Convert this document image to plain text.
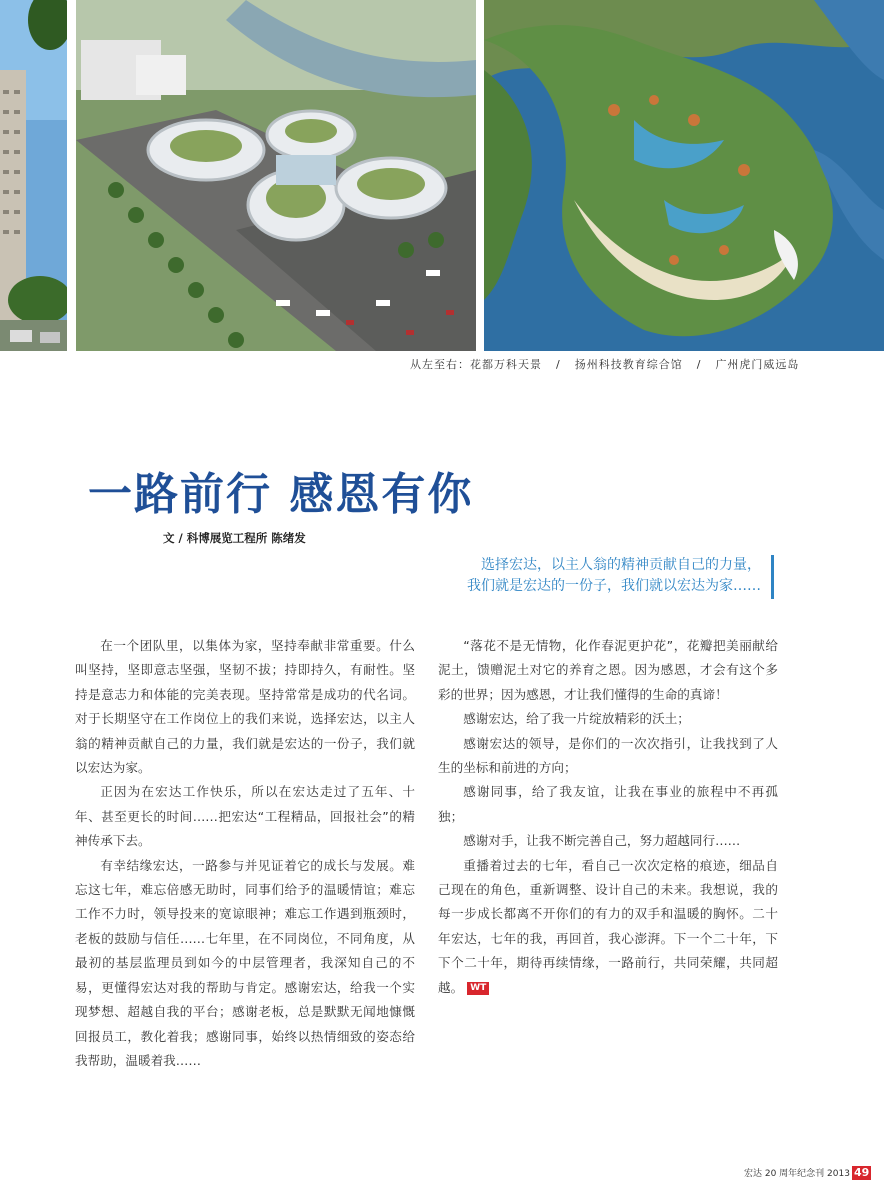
从左至右：花都万科天景 / 扬州科技教育综合馆 / 广州虎门威远岛
一路前行 感恩有你
文 / 科博展览工程所 陈绪发
选择宏达，以主人翁的精神贡献自己的力量，
我们就是宏达的一份子，我们就以宏达为家……

在一个团队里，以集体为家，坚持奉献非常重要。什么叫坚持，坚即意志坚强，坚韧不拔；持即持久，有耐性。坚持是意志力和体能的完美表现。坚持常常是成功的代名词。对于长期坚守在工作岗位上的我们来说，选择宏达，以主人翁的精神贡献自己的力量，我们就是宏达的一份子，我们就以宏达为家。

正因为在宏达工作快乐，所以在宏达走过了五年、十年、甚至更长的时间……把宏达“工程精品，回报社会”的精神传承下去。

有幸结缘宏达，一路参与并见证着它的成长与发展。难忘这七年，难忘倍感无助时，同事们给予的温暖情谊；难忘工作不力时，领导投来的宽谅眼神；难忘工作遇到瓶颈时，老板的鼓励与信任……七年里，在不同岗位，不同角度，从最初的基层监理员到如今的中层管理者，我深知自己的不易，更懂得宏达对我的帮助与肯定。感谢宏达，给我一个实现梦想、超越自我的平台；感谢老板，总是默默无闻地慷慨回报员工，教化着我；感谢同事，始终以热情细致的姿态给我帮助，温暖着我……

“落花不是无情物，化作春泥更护花”，花瓣把美丽献给泥土，馈赠泥土对它的养育之恩。因为感恩，才会有这个多彩的世界；因为感恩，才让我们懂得的生命的真谛！

感谢宏达，给了我一片绽放精彩的沃土；

感谢宏达的领导，是你们的一次次指引，让我找到了人生的坐标和前进的方向；

感谢同事，给了我友谊，让我在事业的旅程中不再孤独；

感谢对手，让我不断完善自己，努力超越同行……

重播着过去的七年，看自己一次次定格的痕迹，细品自己现在的角色，重新调整、设计自己的未来。我想说，我的每一步成长都离不开你们的有力的双手和温暖的胸怀。二十年宏达，七年的我，再回首，我心澎湃。下一个二十年，下下个二十年，期待再续情缘，一路前行，共同荣耀，共同超越。 WT

宏达 20 周年纪念刊 2013 49
